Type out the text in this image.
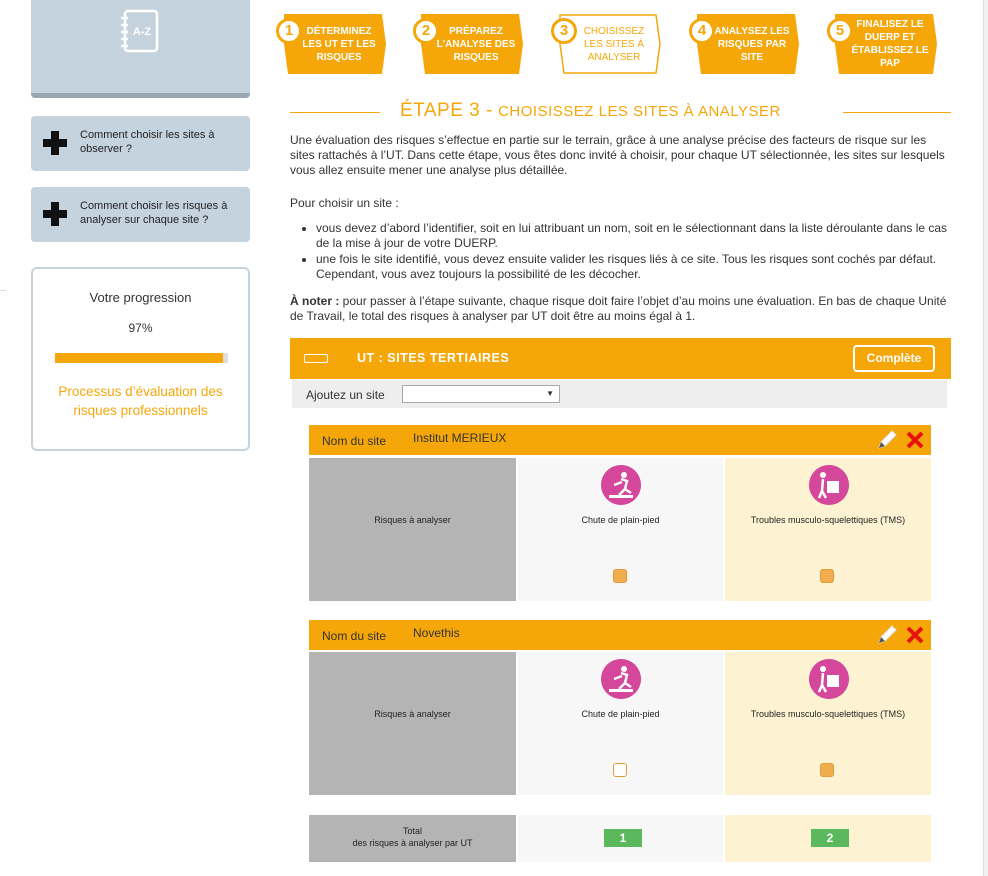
A-Z
Comment choisir les sites à observer ?
Comment choisir les risques à analyser sur chaque site ?
Votre progression
97%
Processus d’évaluation des risques professionnels
1	DÉTERMINEZ LES UT ET LES RISQUES
2	PRÉPAREZ L'ANALYSE DES RISQUES
3	CHOISISSEZ LES SITES À ANALYSER
4 ANALYSEZ LES RISQUES PAR SITE
5	FINALISEZ LE DUERP ET ÉTABLISSEZ LE PAP
ÉTAPE 3 - CHOISISSEZ LES SITES À ANALYSER
Une évaluation des risques s’effectue en partie sur le terrain, grâce à une analyse précise des facteurs de risque sur les sites rattachés à l’UT. Dans cette étape, vous êtes donc invité à choisir, pour chaque UT sélectionnée, les sites sur lesquels vous allez ensuite mener une analyse plus détaillée.
Pour choisir un site :
• vous devez d’abord l’identifier, soit en lui attribuant un nom, soit en le sélectionnant dans la liste déroulante dans le cas de la mise à jour de votre DUERP.
• une fois le site identifié, vous devez ensuite valider les risques liés à ce site. Tous les risques sont cochés par défaut. Cependant, vous avez toujours la possibilité de les décocher.
À noter : pour passer à l’étape suivante, chaque risque doit faire l’objet d’au moins une évaluation. En bas de chaque Unité de Travail, le total des risques à analyser par UT doit être au moins égal à 1.
UT : SITES TERTIAIRES	Complète
Ajoutez un site	▼
Nom du site Institut MERIEUX
Risques à analyser	Chute de plain-pied	Troubles musculo-squelettiques (TMS)
Nom du site Novethis
Risques à analyser	Chute de plain-pied	Troubles musculo-squelettiques (TMS)
Total
des risques à analyser par UT	1	2
